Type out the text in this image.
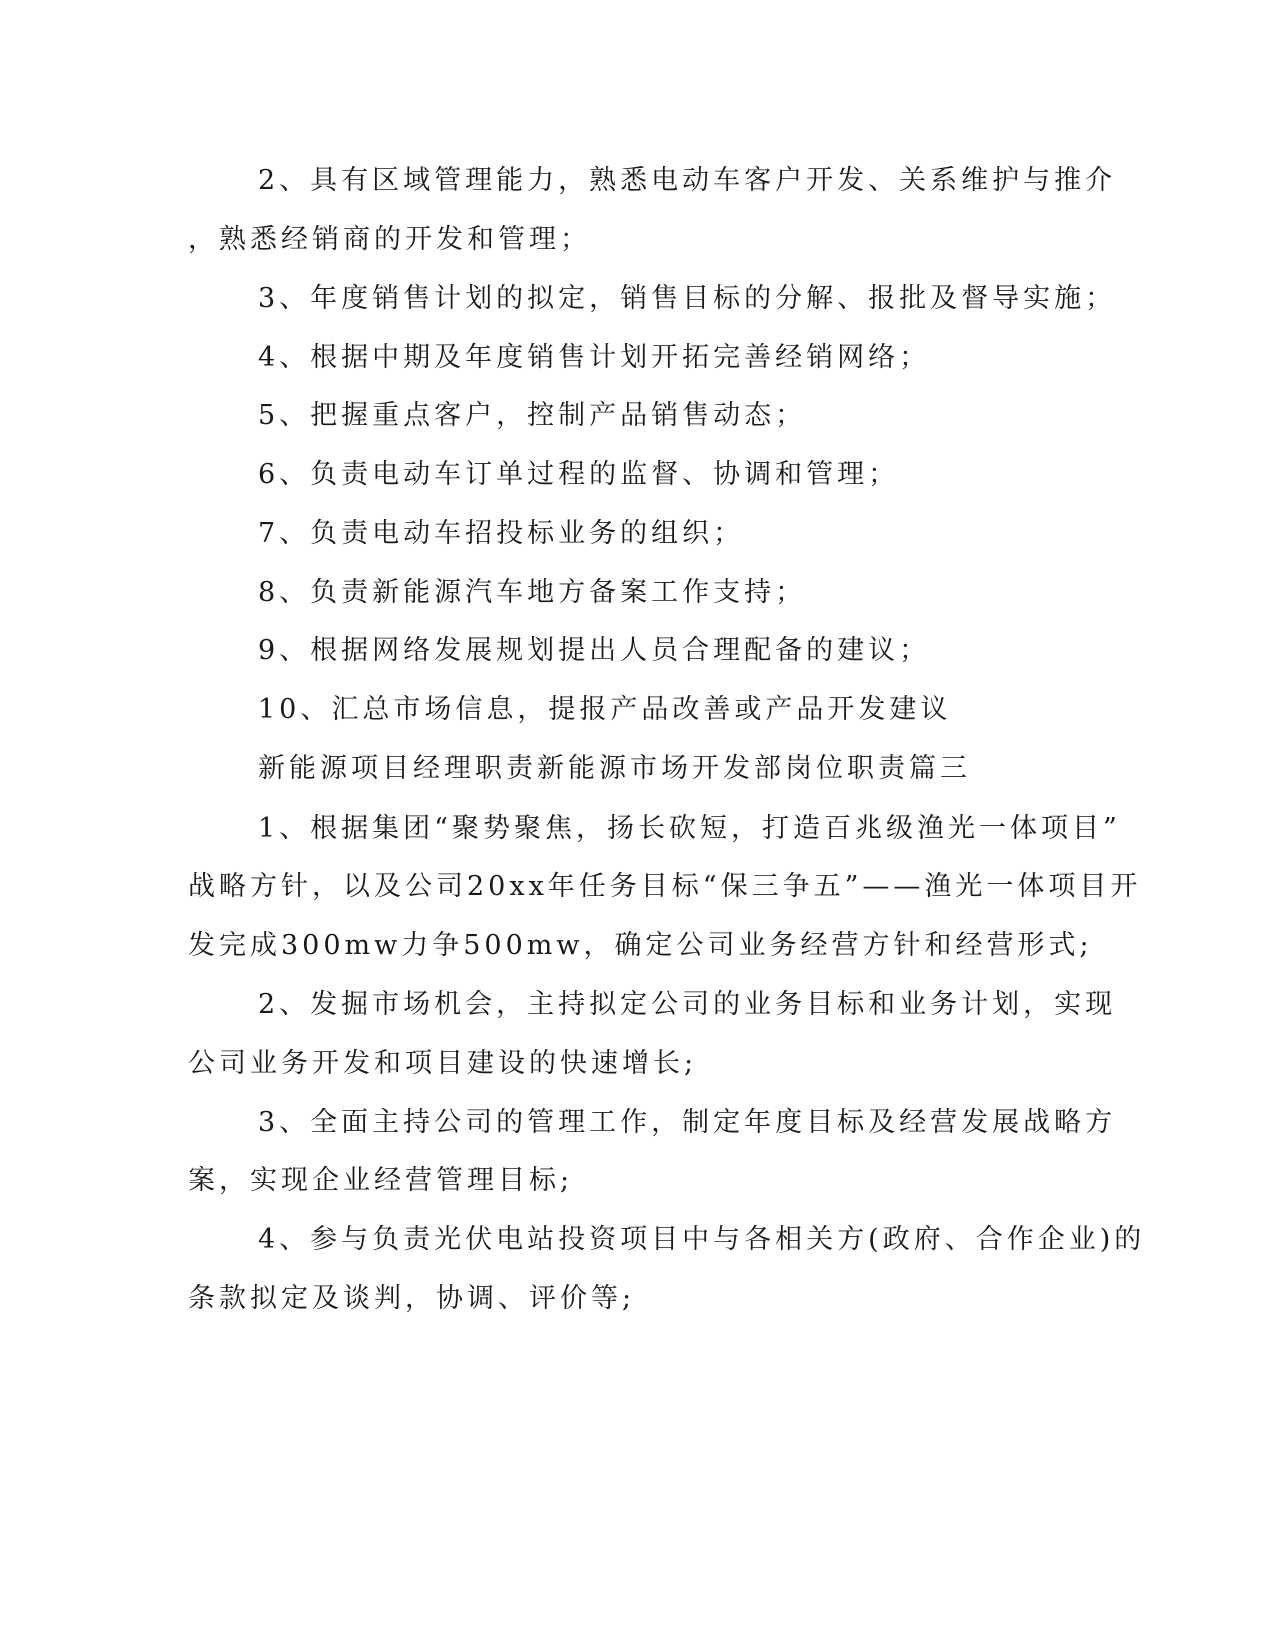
2、具有区域管理能力，熟悉电动车客户开发、关系维护与推介
，熟悉经销商的开发和管理；
3、年度销售计划的拟定，销售目标的分解、报批及督导实施；
4、根据中期及年度销售计划开拓完善经销网络；
5、把握重点客户，控制产品销售动态；
6、负责电动车订单过程的监督、协调和管理；
7、负责电动车招投标业务的组织；
8、负责新能源汽车地方备案工作支持；
9、根据网络发展规划提出人员合理配备的建议；
10、汇总市场信息，提报产品改善或产品开发建议
新能源项目经理职责新能源市场开发部岗位职责篇三
1、根据集团“聚势聚焦，扬长砍短，打造百兆级渔光一体项目”
战略方针，以及公司20xx年任务目标“保三争五”——渔光一体项目开
发完成300mw力争500mw，确定公司业务经营方针和经营形式;
2、发掘市场机会，主持拟定公司的业务目标和业务计划，实现
公司业务开发和项目建设的快速增长;
3、全面主持公司的管理工作，制定年度目标及经营发展战略方
案，实现企业经营管理目标;
4、参与负责光伏电站投资项目中与各相关方(政府、合作企业)的
条款拟定及谈判，协调、评价等;
